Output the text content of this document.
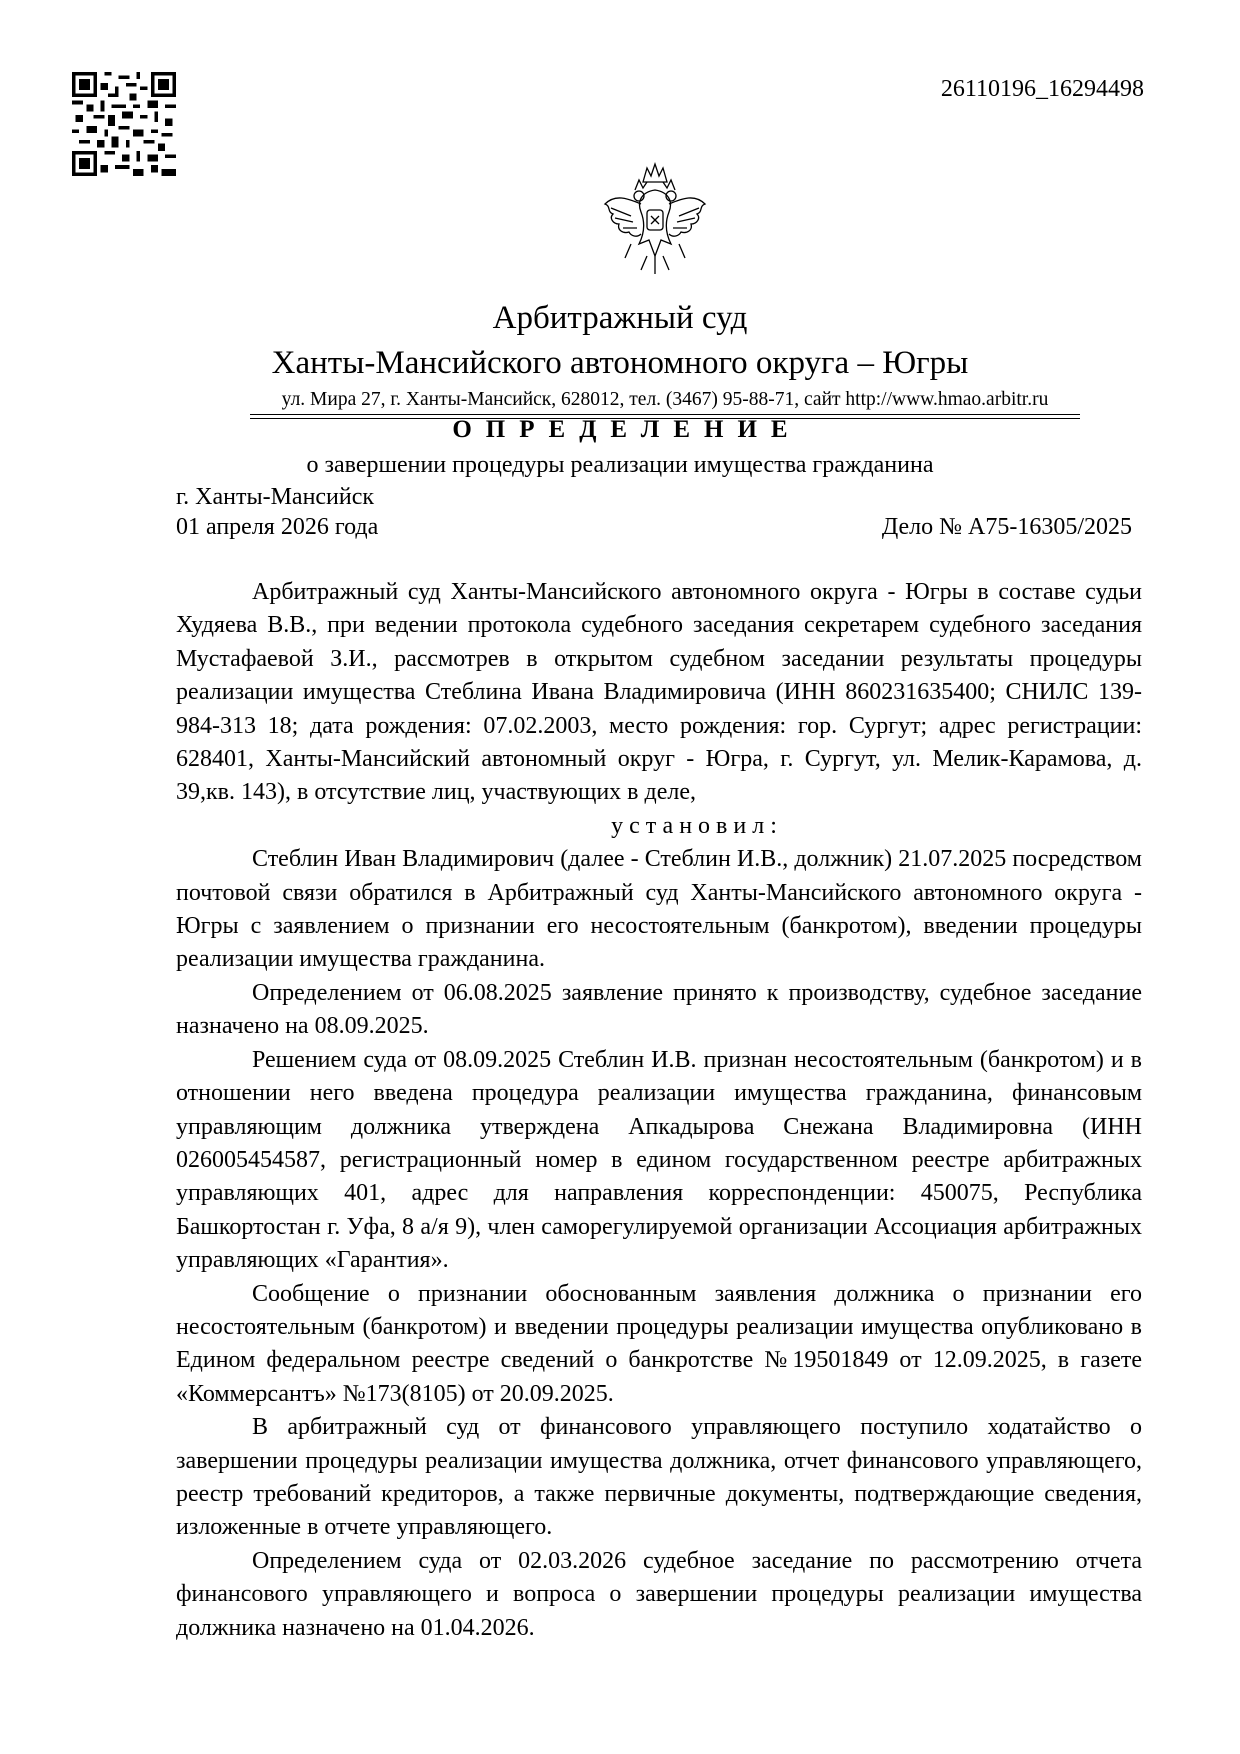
26110196_16294498
Арбитражный суд
Ханты-Мансийского автономного округа – Югры
ул. Мира 27, г. Ханты-Мансийск, 628012, тел. (3467) 95-88-71, сайт http://www.hmao.arbitr.ru
ОПРЕДЕЛЕНИЕ
о завершении процедуры реализации имущества гражданина
г. Ханты-Мансийск
01 апреля 2026 года	Дело № А75-16305/2025

Арбитражный суд Ханты-Мансийского автономного округа - Югры в составе судьи Худяева В.В., при ведении протокола судебного заседания секретарем судебного заседания Мустафаевой З.И., рассмотрев в открытом судебном заседании результаты процедуры реализации имущества Стеблина Ивана Владимировича (ИНН 860231635400; СНИЛС 139-984-313 18; дата рождения: 07.02.2003, место рождения: гор. Сургут; адрес регистрации: 628401, Ханты-Мансийский автономный округ - Югра, г. Сургут, ул. Мелик-Карамова, д. 39,кв. 143), в отсутствие лиц, участвующих в деле,

установил:

Стеблин Иван Владимирович (далее - Стеблин И.В., должник) 21.07.2025 посредством почтовой связи обратился в Арбитражный суд Ханты-Мансийского автономного округа - Югры с заявлением о признании его несостоятельным (банкротом), введении процедуры реализации имущества гражданина.

Определением от 06.08.2025 заявление принято к производству, судебное заседание назначено на 08.09.2025.

Решением суда от 08.09.2025 Стеблин И.В. признан несостоятельным (банкротом) и в отношении него введена процедура реализации имущества гражданина, финансовым управляющим должника утверждена Апкадырова Снежана Владимировна (ИНН 026005454587, регистрационный номер в едином государственном реестре арбитражных управляющих 401, адрес для направления корреспонденции: 450075, Республика Башкортостан г. Уфа, 8 а/я 9), член саморегулируемой организации Ассоциация арбитражных управляющих «Гарантия».

Сообщение о признании обоснованным заявления должника о признании его несостоятельным (банкротом) и введении процедуры реализации имущества опубликовано в Едином федеральном реестре сведений о банкротстве №19501849 от 12.09.2025, в газете «Коммерсантъ» №173(8105) от 20.09.2025.

В арбитражный суд от финансового управляющего поступило ходатайство о завершении процедуры реализации имущества должника, отчет финансового управляющего, реестр требований кредиторов, а также первичные документы, подтверждающие сведения, изложенные в отчете управляющего.

Определением суда от 02.03.2026 судебное заседание по рассмотрению отчета финансового управляющего и вопроса о завершении процедуры реализации имущества должника назначено на 01.04.2026.
